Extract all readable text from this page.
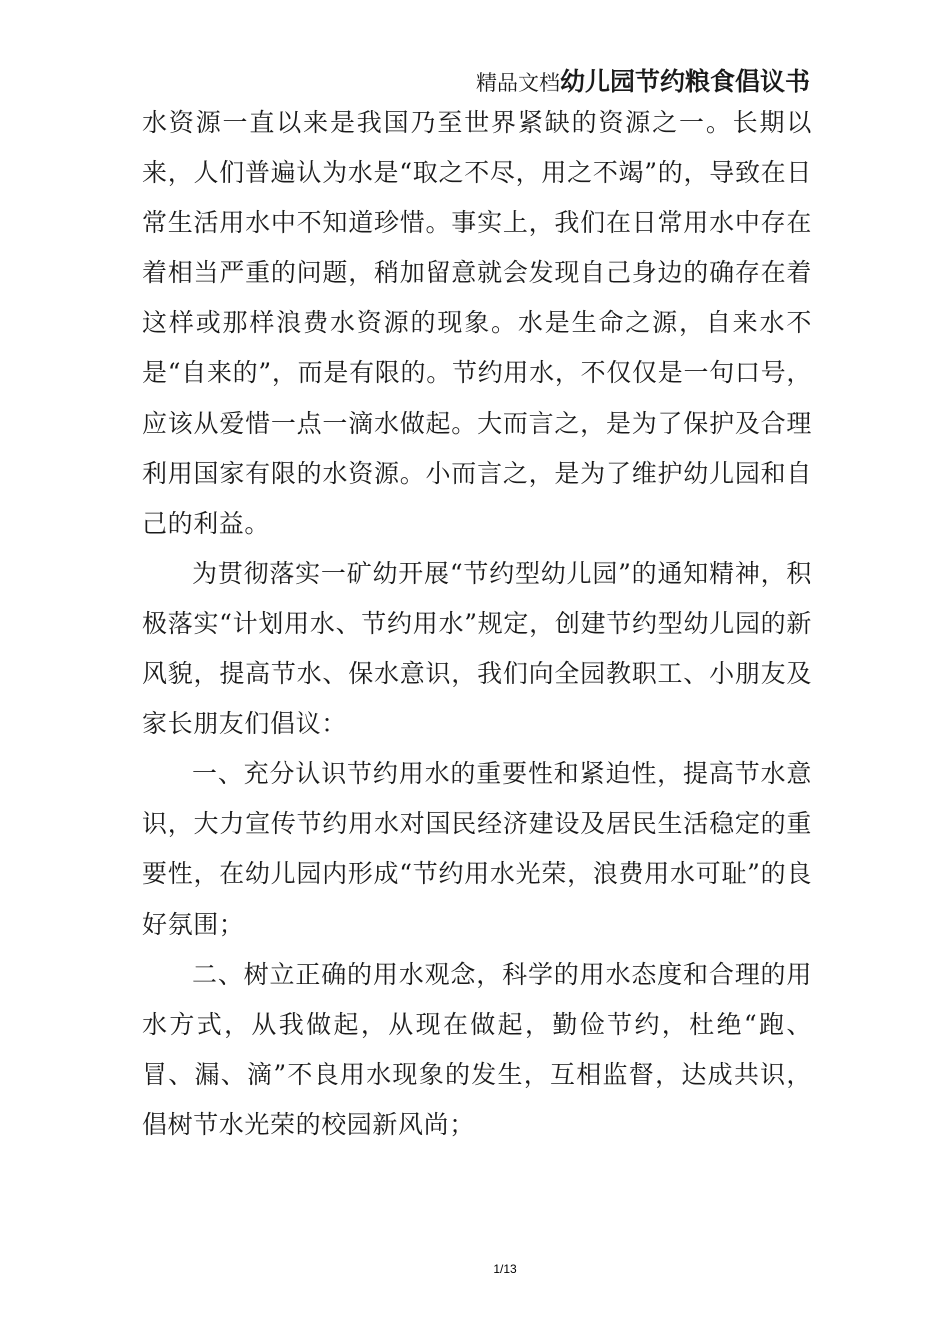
精品文档幼儿园节约粮食倡议书

水资源一直以来是我国乃至世界紧缺的资源之一。长期以来，人们普遍认为水是“取之不尽，用之不竭”的，导致在日常生活用水中不知道珍惜。事实上，我们在日常用水中存在着相当严重的问题，稍加留意就会发现自己身边的确存在着这样或那样浪费水资源的现象。水是生命之源，自来水不是“自来的”，而是有限的。节约用水，不仅仅是一句口号，应该从爱惜一点一滴水做起。大而言之，是为了保护及合理利用国家有限的水资源。小而言之，是为了维护幼儿园和自己的利益。

为贯彻落实一矿幼开展“节约型幼儿园”的通知精神，积极落实“计划用水、节约用水”规定，创建节约型幼儿园的新风貌，提高节水、保水意识，我们向全园教职工、小朋友及家长朋友们倡议：

一、充分认识节约用水的重要性和紧迫性，提高节水意识，大力宣传节约用水对国民经济建设及居民生活稳定的重要性，在幼儿园内形成“节约用水光荣，浪费用水可耻”的良好氛围；

二、树立正确的用水观念，科学的用水态度和合理的用水方式，从我做起，从现在做起，勤俭节约，杜绝“跑、冒、漏、滴”不良用水现象的发生，互相监督，达成共识，倡树节水光荣的校园新风尚；

1/13
